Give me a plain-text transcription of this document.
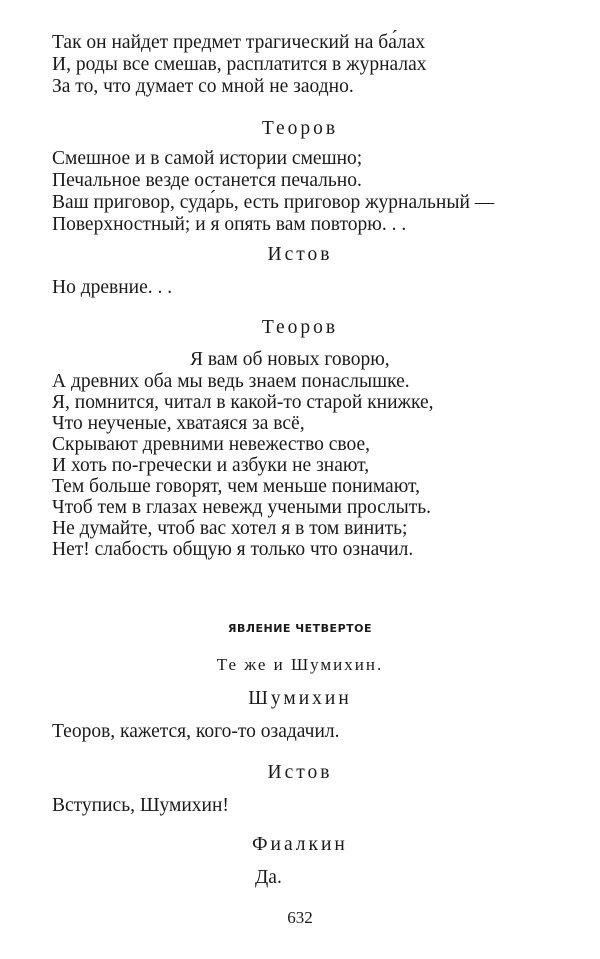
Так он найдет предмет трагический на ба́лах
И, роды все смешав, расплатится в журналах
За то, что думает со мной не заодно.
Теоров
Смешное и в самой истории смешно;
Печальное везде останется печально.
Ваш приговор, суда́рь, есть приговор журнальный —
Поверхностный; и я опять вам повторю. . .
Истов
Но древние. . .
Теоров
Я вам об новых говорю,
А древних оба мы ведь знаем понаслышке.
Я, помнится, читал в какой-то старой книжке,
Что неученые, хватаяся за всё,
Скрывают древними невежество свое,
И хоть по-гречески и азбуки не знают,
Тем больше говорят, чем меньше понимают,
Чтоб тем в глазах невежд учеными прослыть.
Не думайте, чтоб вас хотел я в том винить;
Нет! слабость общую я только что означил.
ЯВЛЕНИЕ ЧЕТВЕРТОЕ
Те же и Шумихин.
Шумихин
Теоров, кажется, кого-то озадачил.
Истов
Вступись, Шумихин!
Фиалкин
Да.
632
